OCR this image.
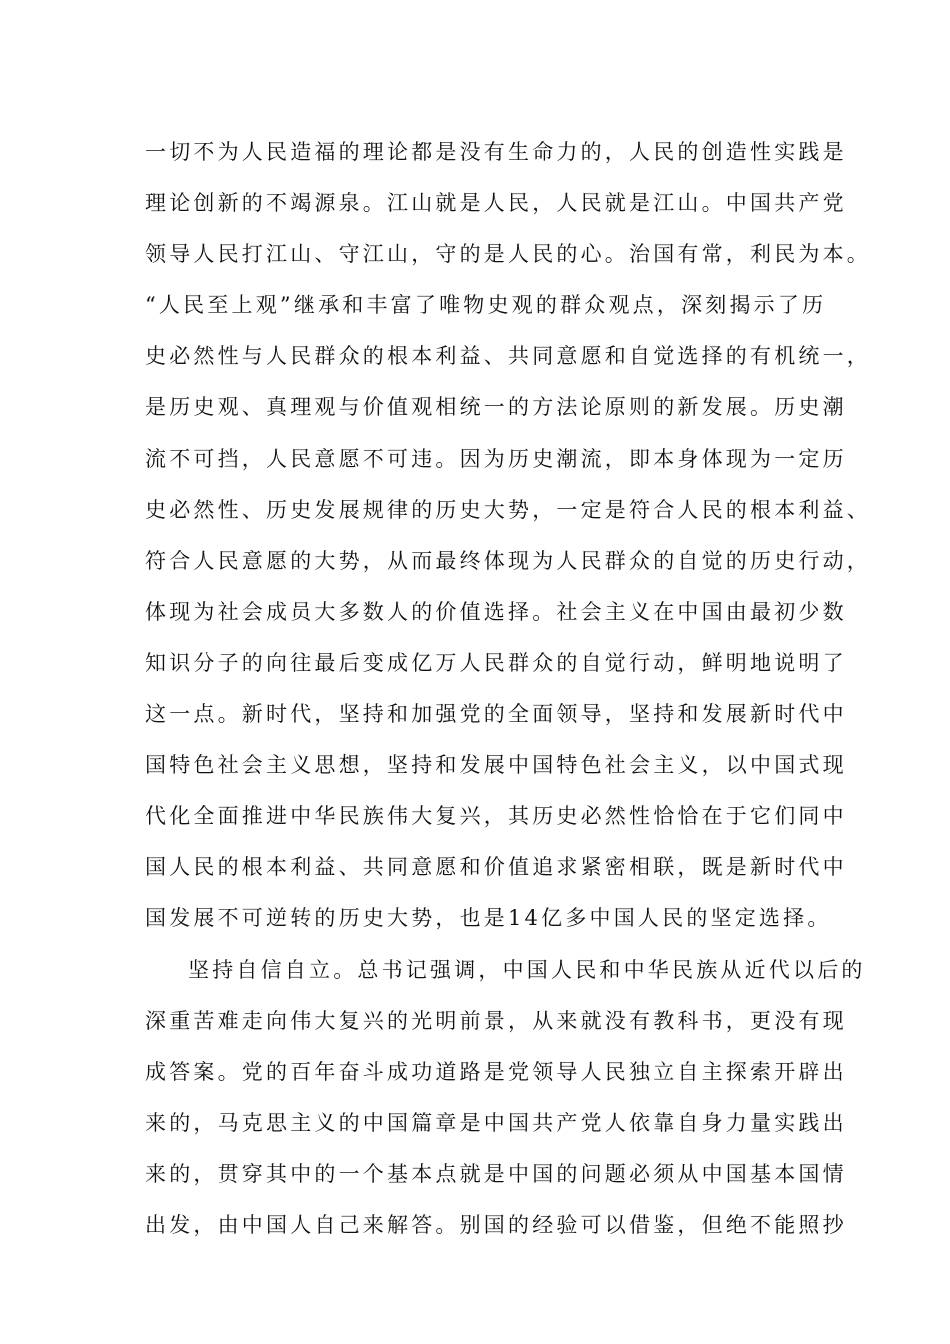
一切不为人民造福的理论都是没有生命力的，人民的创造性实践是
理论创新的不竭源泉。江山就是人民，人民就是江山。中国共产党
领导人民打江山、守江山，守的是人民的心。治国有常，利民为本。
“人民至上观”继承和丰富了唯物史观的群众观点，深刻揭示了历
史必然性与人民群众的根本利益、共同意愿和自觉选择的有机统一，
是历史观、真理观与价值观相统一的方法论原则的新发展。历史潮
流不可挡，人民意愿不可违。因为历史潮流，即本身体现为一定历
史必然性、历史发展规律的历史大势，一定是符合人民的根本利益、
符合人民意愿的大势，从而最终体现为人民群众的自觉的历史行动，
体现为社会成员大多数人的价值选择。社会主义在中国由最初少数
知识分子的向往最后变成亿万人民群众的自觉行动，鲜明地说明了
这一点。新时代，坚持和加强党的全面领导，坚持和发展新时代中
国特色社会主义思想，坚持和发展中国特色社会主义，以中国式现
代化全面推进中华民族伟大复兴，其历史必然性恰恰在于它们同中
国人民的根本利益、共同意愿和价值追求紧密相联，既是新时代中
国发展不可逆转的历史大势，也是14亿多中国人民的坚定选择。
坚持自信自立。总书记强调，中国人民和中华民族从近代以后的
深重苦难走向伟大复兴的光明前景，从来就没有教科书，更没有现
成答案。党的百年奋斗成功道路是党领导人民独立自主探索开辟出
来的，马克思主义的中国篇章是中国共产党人依靠自身力量实践出
来的，贯穿其中的一个基本点就是中国的问题必须从中国基本国情
出发，由中国人自己来解答。别国的经验可以借鉴，但绝不能照抄
